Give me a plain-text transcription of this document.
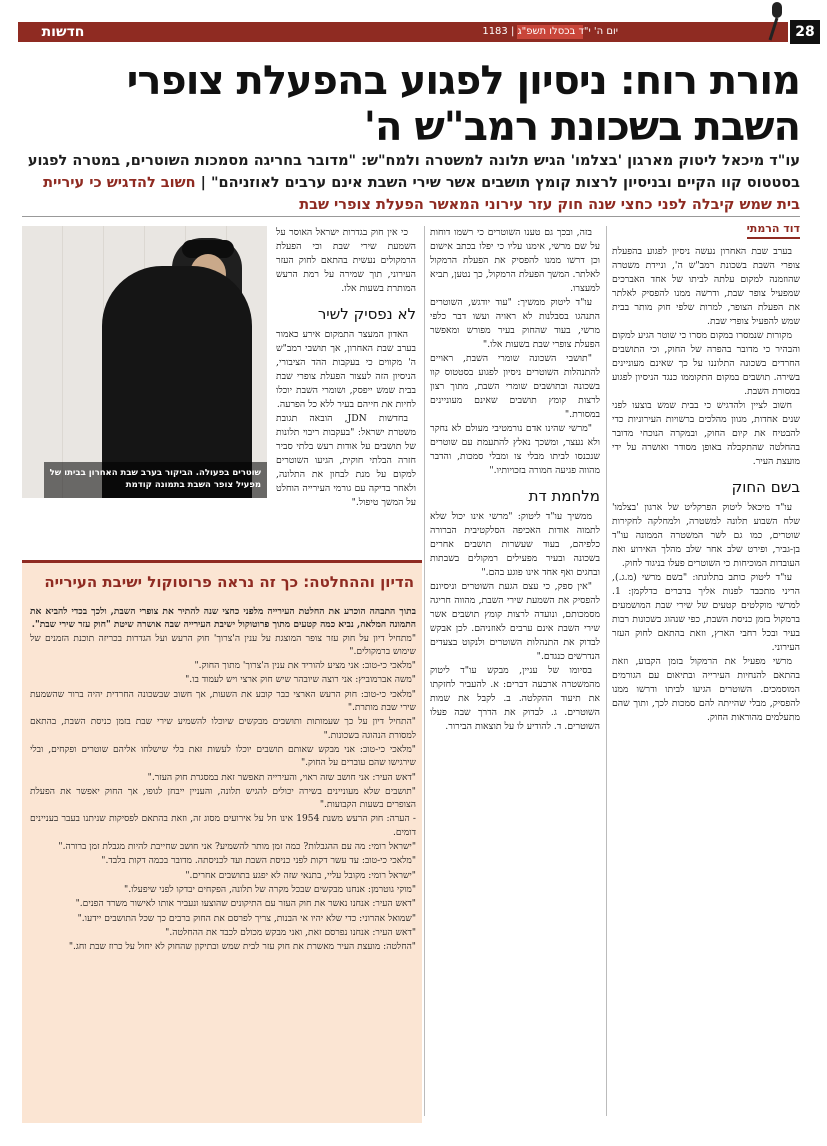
חדשות	יום ה' י"ד בכסלו תשפ"ג | 1183	28
מורת רוח: ניסיון לפגוע בהפעלת צופרי השבת בשכונת רמב"ש ה'
עו"ד מיכאל ליטוק מארגון 'בצלמו' הגיש תלונה למשטרה ולמח"ש: "מדובר בחריגה מסמכות השוטרים, במטרה לפגוע בסטטוס קוו הקיים ובניסיון לרצות קומץ תושבים אשר שירי השבת אינם ערבים לאוזניהם" | חשוב להדגיש כי עיריית בית שמש קיבלה לפני כחצי שנה חוק עזר עירוני המאשר הפעלת צופרי שבת
דוד הרמתי

בערב שבת האחרון נעשה ניסיון לפגוע בהפעלת צופרי השבת בשכונת רמב"ש ה', וניידת משטרה שהוזמנה למקום עלתה לביתו של אחד האברכים שמפעיל צופר שבת, ודרשה ממנו להפסיק לאלתר את הפעלת הצופר, למרות שלפי חוק מותר בבית שמש להפעיל צופרי שבת.

מקורות שנמסרו במקום מסרו כי שוטר הגיע למקום והבהיר כי מדובר בהפרה של החוק, וכי התושבים החרדים בשכונה התלוננו על כך שאינם מעוניינים בשירה. תושבים במקום התקוממו כנגד הניסיון לפגוע במסורת השבת.

חשוב לציין ולהדגיש כי בבית שמש בוצעו לפני שנים אחדות, מגוון מהלכים ברשויות העירוניות כדי להבטיח את קיום החוק, ובמקרה הנוכחי מדובר בהחלטה שהתקבלה באופן מסודר ואושרה על ידי מועצת העיר.

בשם החוק

עו"ד מיכאל ליטוק הפרקליט של ארגון 'בצלמו' שלח השבוע תלונה למשטרה, ולמחלקה לחקירות שוטרים, כמו גם לשר המשטרה הממונה עו"ד בן-גביר, ופירט שלב אחר שלב מהלך האירוע ואת העובדות המוכיחות כי השוטרים פעלו בניגוד לחוק.

עו"ד ליטוק כותב בתלונתו: "בשם מרשי (מ.ג.), הריני מתכבד לפנות אליך בדברים כדלקמן: 1. למרשי מוקלטים קטעים של שירי שבת המושמעים ברמקול בזמן כניסת השבת, כפי שנהוג בשכונות רבות בעיר ובכל רחבי הארץ, וזאת בהתאם לחוק העזר העירוני.

מרשי מפעיל את הרמקול בזמן הקבוע, וזאת בהתאם להנחיות העירייה ובתיאום עם הגורמים המוסמכים. השוטרים הגיעו לביתו ודרשו ממנו להפסיק, מבלי שהייתה להם סמכות לכך, ותוך שהם מתעלמים מהוראות החוק.

בזה, ובכך גם טענו השוטרים כי רשמו דוחות על שם מרשי, אימנו עליו כי יפלו בכתב אישום וכן דרשו ממנו להפסיק את הפעלת הרמקול לאלתר. המשך הפעלת הרמקול, כך נטען, תביא למעצרו.

עו"ד ליטוק ממשיך: "עוד יודגש, השוטרים התנהגו בסבלנות לא ראויה ועשו דבר כלפי מרשי, בעוד שהחוק בעיר מפורש ומאפשר הפעלת צופרי שבת בשעות אלו."

"תושבי השכונה שומרי השבת, ראויים להתנהלות השוטרים ניסיון לפגוע בסטטוס קוו בשכונה ובתושבים שומרי השבת, מתוך רצון לרצות קומץ תושבים שאינם מעוניינים במסורת."

"מרשי שהינו אדם נורמטיבי מעולם לא נחקר ולא נעצר, ומשכך נאלץ להתעמת עם שוטרים שנכנסו לביתו מבלי צו ומבלי סמכות, והדבר מהווה פגיעה חמורה בזכויותיו."

מלחמת דת

ממשיך עו"ד ליטוק: "מרשי אינו יכול שלא לתמוה אודות האכיפה הסלקטיבית הברורה כלפיהם, בעוד שעשרות תושבים אחרים בשכונה ובעיר מפעילים רמקולים בשבתות ובחגים ואף אחד אינו פוגע בהם."

"אין ספק, כי עצם הגעת השוטרים וניסיונם להפסיק את השמעת שירי השבת, מהווה חריגה מסמכותם, ונועדה לרצות קומץ תושבים אשר שירי השבת אינם ערבים לאוזניהם. לכן אבקש לבדוק את התנהלות השוטרים ולנקוט בצעדים הנדרשים כנגדם."

בסיומו של עניין, מבקש עו"ד ליטוק מהמשטרה ארבעה דברים: א. להעביר לחזקתו את תיעוד ההקלטה. ב. לקבל את שמות השוטרים. ג. לבדוק את הדרך שבה פעלו השוטרים. ד. להודיע לו על תוצאות הבירור.

כי אין חוק בגדרות ישראל האוסר על השמעת שירי שבת וכי הפעלת הרמקולים נעשית בהתאם לחוק העזר העירוני, תוך שמירה על רמת הרעש המותרת בשעות אלו.

לא נפסיק לשיר

האדון המעצר התמקום אירע כאמור בערב שבת האחרון, אך תושבי רמב"ש ה' מקווים כי בעקבות ההד הציבורי, הניסיון הזה לעצור הפעלת צופרי שבת בבית שמש ייפסק, ושומרי השבת יוכלו לחיות את חייהם בעיר ללא כל הפרעה.

בחדשות JDN, הובאה תגובת משטרת ישראל: "בעקבות ריבוי תלונות של תושבים על אודות רעש בלתי סביר חזרה הבלתי חוקית, הגיעו השוטרים למקום על מנת לבחון את התלונה, ולאחר בדיקה עם גורמי העירייה הוחלט על המשך טיפול."

שוטרים בפעולה. הביקור בערב שבת האחרון בביתו של מפעיל צופר השבת בתמונה קודמת
הדיון וההחלטה: כך זה נראה פרוטוקול ישיבת העירייה

בתוך התבהה הוכרע את החלטת העירייה מלפני כחצי שנה להתיר את צופרי השבת, ולכך בכדי להביא את התמונה המלאה, נביא כמה קטעים מתוך פרוטוקול ישיבת העירייה שבה אושרה שיטת "חוק עזר שירי שבת".

"מתחיל דיון על חוק עזר צופר המוצגת על ענין ה'צרוך' חוק הרעש ועל הגדרות בכריזה תוכנת הזמנים של שימוש ברמקולים."

"מלאכי כי-טוב: אני מציע להוריד את ענין ה'צרוך' מתוך החוק."

"משה אברמוביץ: אני רוצה שיובהר שיש חוק ארצי ויש לעמוד בו."

"מלאכי כי-טוב: חוק הרעש הארצי כבר קובע את השעות, אך חשוב שבשכונה החרדית יהיה ברור שהשמעת שירי שבת מותרת."

"התחיל דיון על כך שעמותות ותושבים מבקשים שיוכלו להשמיע שירי שבת בזמן כניסת השבת, בהתאם למסורת הנהוגה בשכונות."

"מלאכי כי-טוב: אני מבקש שאותם תושבים יוכלו לעשות זאת בלי שישלחו אליהם שוטרים ופקחים, ובלי שירגישו שהם עוברים על החוק."

"דאש העיר: אני חושב שזה ראוי, והעירייה תאפשר זאת במסגרת חוק העזר."

"תושבים שלא מעוניינים בשירה יכולים להגיש תלונה, והעניין ייבחן לגופו, אך החוק יאפשר את הפעלת הצופרים בשעות הקבועות."

- הערה: חוק הרעש משנת 1954 אינו חל על אירועים מסוג זה, וזאת בהתאם לפסיקות שניתנו בעבר בעניינים דומים.

"ישראל רומי: מה עם ההגבלות? כמה זמן מותר להשמיע? אני חושב שחייבת להיות מגבלת זמן ברורה."

"מלאכי כי-טוב: עד עשר דקות לפני כניסת השבת ועד לכניסתה. מדובר בכמה דקות בלבד."

"ישראל רומי: מקובל עליי, בתנאי שזה לא יפגע בתושבים אחרים."

"מוקי גוטרמן: אנחנו מבקשים שבכל מקרה של תלונה, הפקחים יבדקו לפני שיפעלו."

"דאש העיר: אנחנו נאשר את חוק העזר עם התיקונים שהוצעו ונעביר אותו לאישור משרד הפנים."

"שמואל אהרוני: כדי שלא יהיו אי הבנות, צריך לפרסם את החוק ברבים כך שכל התושבים יידעו."

"דאש העיר: אנחנו נפרסם זאת, ואני מבקש מכולם לכבד את ההחלטה."

"החלטה: מועצת העיר מאשרת את חוק עזר לבית שמש ובתיקון שהחוק לא יחול על כרוז שבת וחג."
